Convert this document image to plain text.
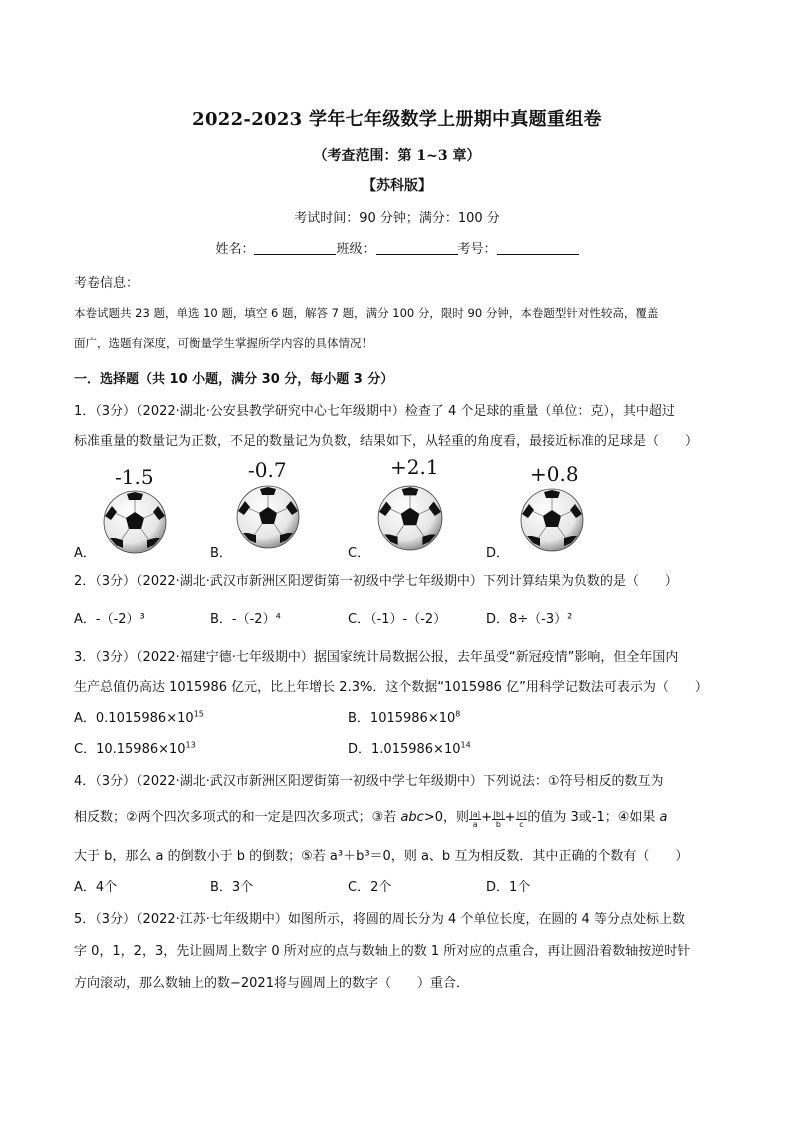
2022-2023 学年七年级数学上册期中真题重组卷
（考查范围：第 1~3 章）
【苏科版】
考试时间：90 分钟；满分：100 分
姓名：	班级：	考号：
考卷信息：
本卷试题共 23 题，单选 10 题，填空 6 题，解答 7 题，满分 100 分，限时 90 分钟，本卷题型针对性较高，覆盖
面广，选题有深度，可衡量学生掌握所学内容的具体情况！
一．选择题（共 10 小题，满分 30 分，每小题 3 分）
1．（3分）（2022·湖北·公安县教学研究中心七年级期中）检查了 4 个足球的重量（单位：克），其中超过
标准重量的数量记为正数，不足的数量记为负数，结果如下，从轻重的角度看，最接近标准的足球是（　　）
-1.5
A．
-0.7
B．
+2.1
C．
+0.8
D．
2．（3分）（2022·湖北·武汉市新洲区阳逻街第一初级中学七年级期中）下列计算结果为负数的是（　　）
A．-（-2）³	B．-（-2）⁴	C．（-1）-（-2）	D．8÷（-3）²
3．（3分）（2022·福建宁德·七年级期中）据国家统计局数据公报，去年虽受“新冠疫情”影响，但全年国内
生产总值仍高达 1015986 亿元，比上年增长 2.3%．这个数据“1015986 亿”用科学记数法可表示为（　　）
A．$0.1015986\times 10^{15}$	B．$1015986\times 10^8$
C．$10.15986\times 10^{13}$	D．$1.015986\times 10^{14}$
4．（3分）（2022·湖北·武汉市新洲区阳逻街第一初级中学七年级期中）下列说法：①符号相反的数互为
相反数；②两个四次多项式的和一定是四次多项式；③若 abc>0，则 $\frac{|a|}{a} + \frac{|b|}{b} + \frac{|c|}{c}$ 的值为 3或-1；④如果 a
大于 b，那么 a 的倒数小于 b 的倒数；⑤若 a³＋b³＝0，则 a、b 互为相反数．其中正确的个数有（　　）
A．4个	B．3个	C．2个	D．1个
5．（3分）（2022·江苏·七年级期中）如图所示，将圆的周长分为 4 个单位长度，在圆的 4 等分点处标上数
字 0，1，2，3，先让圆周上数字 0 所对应的点与数轴上的数 1 所对应的点重合，再让圆沿着数轴按逆时针
方向滚动，那么数轴上的数−2021将与圆周上的数字（　　）重合．
